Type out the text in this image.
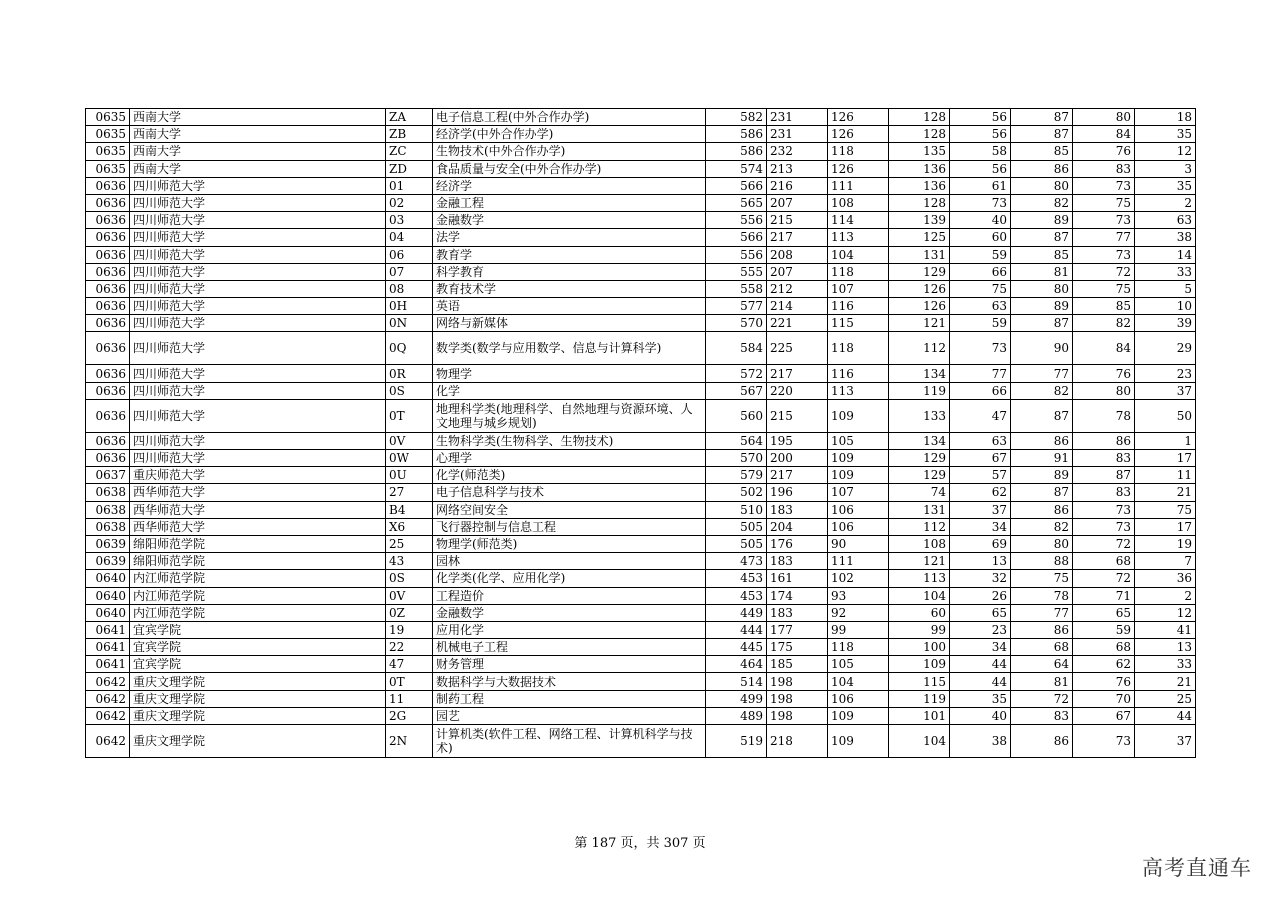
0635	西南大学	ZA	电子信息工程(中外合作办学)	582	231	126	128	56	87	80	18
0635	西南大学	ZB	经济学(中外合作办学)	586	231	126	128	56	87	84	35
0635	西南大学	ZC	生物技术(中外合作办学)	586	232	118	135	58	85	76	12
0635	西南大学	ZD	食品质量与安全(中外合作办学)	574	213	126	136	56	86	83	3
0636	四川师范大学	01	经济学	566	216	111	136	61	80	73	35
0636	四川师范大学	02	金融工程	565	207	108	128	73	82	75	2
0636	四川师范大学	03	金融数学	556	215	114	139	40	89	73	63
0636	四川师范大学	04	法学	566	217	113	125	60	87	77	38
0636	四川师范大学	06	教育学	556	208	104	131	59	85	73	14
0636	四川师范大学	07	科学教育	555	207	118	129	66	81	72	33
0636	四川师范大学	08	教育技术学	558	212	107	126	75	80	75	5
0636	四川师范大学	0H	英语	577	214	116	126	63	89	85	10
0636	四川师范大学	0N	网络与新媒体	570	221	115	121	59	87	82	39
0636	四川师范大学	0Q	数学类(数学与应用数学、信息与计算科学)	584	225	118	112	73	90	84	29
0636	四川师范大学	0R	物理学	572	217	116	134	77	77	76	23
0636	四川师范大学	0S	化学	567	220	113	119	66	82	80	37
0636	四川师范大学	0T	地理科学类(地理科学、自然地理与资源环境、人文地理与城乡规划)	560	215	109	133	47	87	78	50
0636	四川师范大学	0V	生物科学类(生物科学、生物技术)	564	195	105	134	63	86	86	1
0636	四川师范大学	0W	心理学	570	200	109	129	67	91	83	17
0637	重庆师范大学	0U	化学(师范类)	579	217	109	129	57	89	87	11
0638	西华师范大学	27	电子信息科学与技术	502	196	107	74	62	87	83	21
0638	西华师范大学	B4	网络空间安全	510	183	106	131	37	86	73	75
0638	西华师范大学	X6	飞行器控制与信息工程	505	204	106	112	34	82	73	17
0639	绵阳师范学院	25	物理学(师范类)	505	176	90	108	69	80	72	19
0639	绵阳师范学院	43	园林	473	183	111	121	13	88	68	7
0640	内江师范学院	0S	化学类(化学、应用化学)	453	161	102	113	32	75	72	36
0640	内江师范学院	0V	工程造价	453	174	93	104	26	78	71	2
0640	内江师范学院	0Z	金融数学	449	183	92	60	65	77	65	12
0641	宜宾学院	19	应用化学	444	177	99	99	23	86	59	41
0641	宜宾学院	22	机械电子工程	445	175	118	100	34	68	68	13
0641	宜宾学院	47	财务管理	464	185	105	109	44	64	62	33
0642	重庆文理学院	0T	数据科学与大数据技术	514	198	104	115	44	81	76	21
0642	重庆文理学院	11	制药工程	499	198	106	119	35	72	70	25
0642	重庆文理学院	2G	园艺	489	198	109	101	40	83	67	44
0642	重庆文理学院	2N	计算机类(软件工程、网络工程、计算机科学与技术)	519	218	109	104	38	86	73	37
第 187 页，共 307 页
高考直通车
